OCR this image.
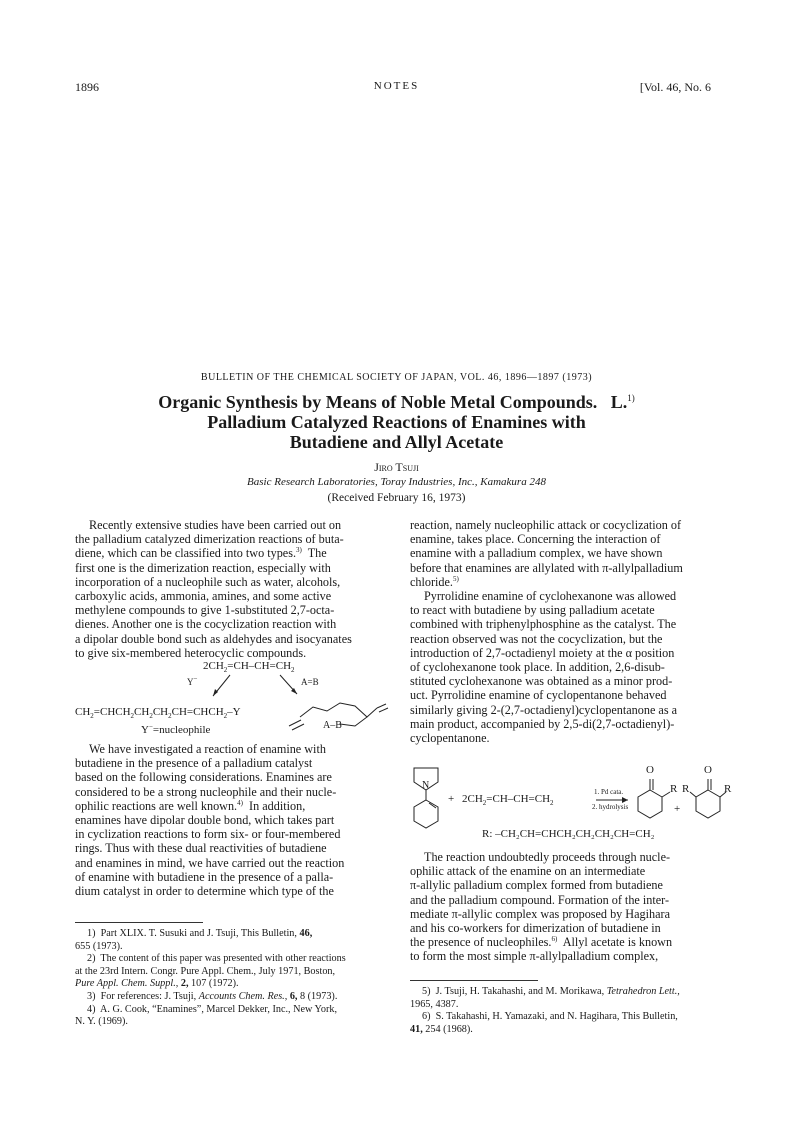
1896	NOTES	[Vol. 46, No. 6
BULLETIN OF THE CHEMICAL SOCIETY OF JAPAN, VOL. 46, 1896—1897 (1973)
Organic Synthesis by Means of Noble Metal Compounds. L.$^{1)}$
Palladium Catalyzed Reactions of Enamines with
Butadiene and Allyl Acetate
Jiro Tsuji
Basic Research Laboratories, Toray Industries, Inc., Kamakura 248
(Received February 16, 1973)
Recently extensive studies have been carried out on
the palladium catalyzed dimerization reactions of buta-
diene, which can be classified into two types.$^{3)}$ The
first one is the dimerization reaction, especially with
incorporation of a nucleophile such as water, alcohols,
carboxylic acids, ammonia, amines, and some active
methylene compounds to give 1-substituted 2,7-octa-
dienes. Another one is the cocyclization reaction with
a dipolar double bond such as aldehydes and isocyanates
to give six-membered heterocyclic compounds.
$2CH_2=CH-CH=CH_2$
Y−	A=B
$CH_2=CHCH_2CH_2CH_2CH=CHCH_2-Y$
A–B
Y−=nucleophile
We have investigated a reaction of enamine with
butadiene in the presence of a palladium catalyst
based on the following considerations. Enamines are
considered to be a strong nucleophile and their nucle-
ophilic reactions are well known.$^{4)}$ In addition,
enamines have dipolar double bond, which takes part
in cyclization reactions to form six- or four-membered
rings. Thus with these dual reactivities of butadiene
and enamines in mind, we have carried out the reaction
of enamine with butadiene in the presence of a palla-
dium catalyst in order to determine which type of the
1) Part XLIX. T. Susuki and J. Tsuji, This Bulletin, 46,
655 (1973).
2) The content of this paper was presented with other reactions
at the 23rd Intern. Congr. Pure Appl. Chem., July 1971, Boston,
Pure Appl. Chem. Suppl., 2, 107 (1972).
3) For references: J. Tsuji, Accounts Chem. Res., 6, 8 (1973).
4) A. G. Cook, “Enamines”, Marcel Dekker, Inc., New York,
N. Y. (1969).
reaction, namely nucleophilic attack or cocyclization of
enamine, takes place. Concerning the interaction of
enamine with a palladium complex, we have shown
before that enamines are allylated with π-allylpalladium
chloride.$^{5)}$
Pyrrolidine enamine of cyclohexanone was allowed
to react with butadiene by using palladium acetate
combined with triphenylphosphine as the catalyst. The
reaction observed was not the cocyclization, but the
introduction of 2,7-octadienyl moiety at the α position
of cyclohexanone took place. In addition, 2,6-disub-
stituted cyclohexanone was obtained as a minor prod-
uct. Pyrrolidine enamine of cyclopentanone behaved
similarly giving 2-(2,7-octadienyl)cyclopentanone as a
main product, accompanied by 2,5-di(2,7-octadienyl)-
cyclopentanone.
N
+ $2CH_2=CH-CH=CH_2$
1. Pd cata.
2. hydrolysis
O	O
R R	R
+
R: –CH₂CH=CHCH₂CH₂CH₂CH=CH₂
The reaction undoubtedly proceeds through nucle-
ophilic attack of the enamine on an intermediate
π-allylic palladium complex formed from butadiene
and the palladium compound. Formation of the inter-
mediate π-allylic complex was proposed by Hagihara
and his co-workers for dimerization of butadiene in
the presence of nucleophiles.$^{6)}$ Allyl acetate is known
to form the most simple π-allylpalladium complex,
5) J. Tsuji, H. Takahashi, and M. Morikawa, Tetrahedron Lett.,
1965, 4387.
6) S. Takahashi, H. Yamazaki, and N. Hagihara, This Bulletin,
41, 254 (1968).
